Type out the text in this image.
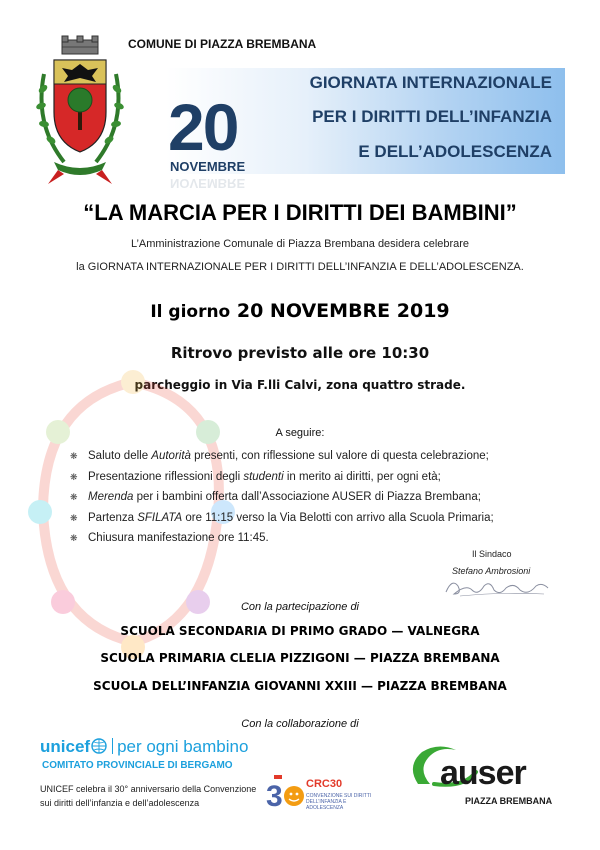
COMUNE DI PIAZZA BREMBANA
20
NOVEMBRE
NOVEMBRE
GIORNATA INTERNAZIONALE
PER I DIRITTI DELL’INFANZIA
E DELL’ADOLESCENZA
“LA MARCIA PER I DIRITTI DEI BAMBINI”
L’Amministrazione Comunale di Piazza Brembana desidera celebrare
la GIORNATA INTERNAZIONALE PER I DIRITTI DELL’INFANZIA E DELL’ADOLESCENZA.
Il giorno 20 NOVEMBRE 2019
Ritrovo previsto alle ore 10:30
parcheggio in Via F.lli Calvi, zona quattro strade.
A seguire:
❋ Saluto delle Autorità presenti, con riflessione sul valore di questa celebrazione;
❋ Presentazione riflessioni degli studenti in merito ai diritti, per ogni età;
❋ Merenda per i bambini offerta dall’Associazione AUSER di Piazza Brembana;
❋ Partenza SFILATA ore 11:15 verso la Via Belotti con arrivo alla Scuola Primaria;
❋ Chiusura manifestazione ore 11:45.
Il Sindaco
Stefano Ambrosioni
Con la partecipazione di
SCUOLA SECONDARIA DI PRIMO GRADO — VALNEGRA
SCUOLA PRIMARIA CLELIA PIZZIGONI — PIAZZA BREMBANA
SCUOLA DELL’INFANZIA GIOVANNI XXIII — PIAZZA BREMBANA
Con la collaborazione di
unicef per ogni bambino
COMITATO PROVINCIALE DI BERGAMO
UNICEF celebra il 30° anniversario della Convenzione
sui diritti dell’infanzia e dell’adolescenza	3 CRC30
CONVENZIONE SUI DIRITTI DELL’INFANZIA E ADOLESCENZA
auser
PIAZZA BREMBANA
